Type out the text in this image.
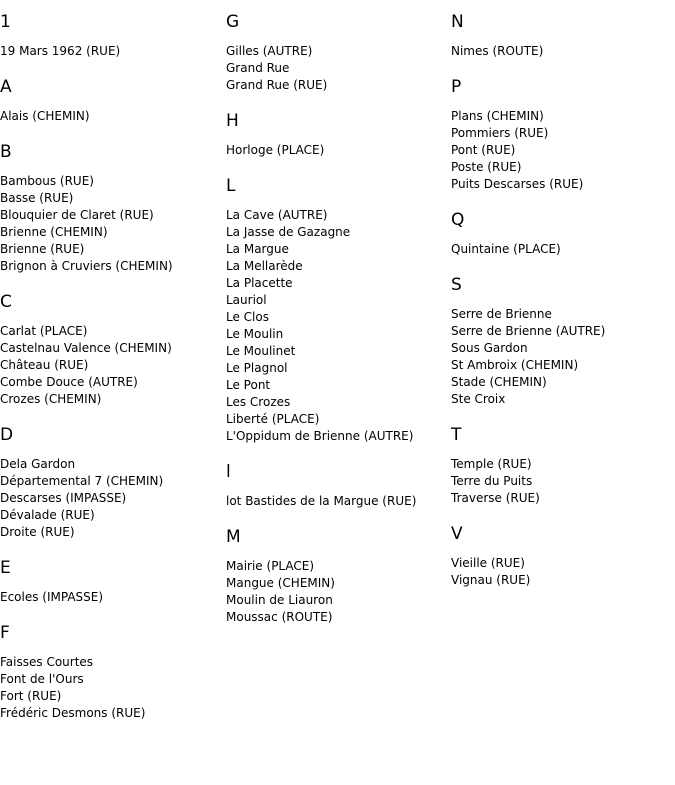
1
19 Mars 1962 (RUE)
A
Alais (CHEMIN)
B
Bambous (RUE)
Basse (RUE)
Blouquier de Claret (RUE)
Brienne (CHEMIN)
Brienne (RUE)
Brignon à Cruviers (CHEMIN)
C
Carlat (PLACE)
Castelnau Valence (CHEMIN)
Château (RUE)
Combe Douce (AUTRE)
Crozes (CHEMIN)
D
Dela Gardon
Départemental 7 (CHEMIN)
Descarses (IMPASSE)
Dévalade (RUE)
Droite (RUE)
E
Ecoles (IMPASSE)
F
Faisses Courtes
Font de l'Ours
Fort (RUE)
Frédéric Desmons (RUE)
G
Gilles (AUTRE)
Grand Rue
Grand Rue (RUE)
H
Horloge (PLACE)
L
La Cave (AUTRE)
La Jasse de Gazagne
La Margue
La Mellarède
La Placette
Lauriol
Le Clos
Le Moulin
Le Moulinet
Le Plagnol
Le Pont
Les Crozes
Liberté (PLACE)
L'Oppidum de Brienne (AUTRE)
l
lot Bastides de la Margue (RUE)
M
Mairie (PLACE)
Mangue (CHEMIN)
Moulin de Liauron
Moussac (ROUTE)
N
Nimes (ROUTE)
P
Plans (CHEMIN)
Pommiers (RUE)
Pont (RUE)
Poste (RUE)
Puits Descarses (RUE)
Q
Quintaine (PLACE)
S
Serre de Brienne
Serre de Brienne (AUTRE)
Sous Gardon
St Ambroix (CHEMIN)
Stade (CHEMIN)
Ste Croix
T
Temple (RUE)
Terre du Puits
Traverse (RUE)
V
Vieille (RUE)
Vignau (RUE)
